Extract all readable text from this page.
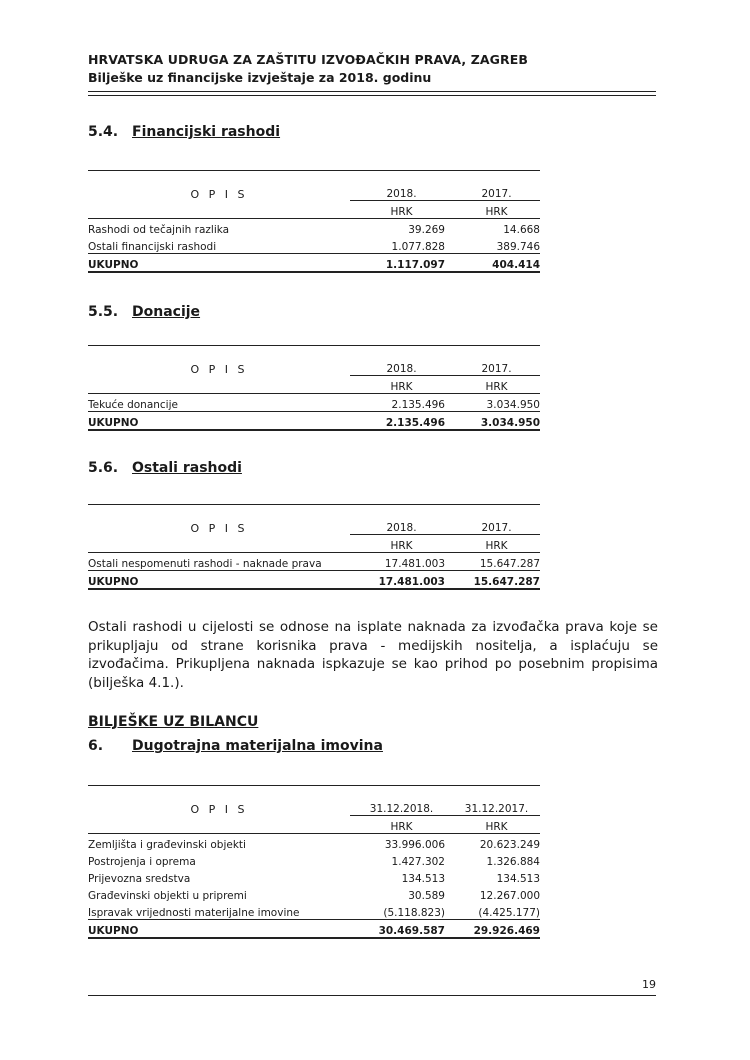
HRVATSKA UDRUGA ZA ZAŠTITU IZVOĐAČKIH PRAVA, ZAGREB
Bilješke uz financijske izvještaje za 2018. godinu
5.4. Financijski rashodi

O P I S	2018.	2017.
	HRK	HRK
Rashodi od tečajnih razlika	39.269	14.668
Ostali financijski rashodi	1.077.828	389.746
UKUPNO	1.117.097	404.414
5.5. Donacije

O P I S	2018.	2017.
	HRK	HRK
Tekuće donancije	2.135.496	3.034.950
UKUPNO	2.135.496	3.034.950
5.6. Ostali rashodi

O P I S	2018.	2017.
	HRK	HRK
Ostali nespomenuti rashodi - naknade prava	17.481.003	15.647.287
UKUPNO	17.481.003	15.647.287
Ostali rashodi u cijelosti se odnose na isplate naknada za izvođačka prava koje se prikupljaju od strane korisnika prava - medijskih nositelja, a isplaćuju se izvođačima. Prikupljena naknada ispkazuje se kao prihod po posebnim propisima (bilješka 4.1.).
BILJEŠKE UZ BILANCU
6. Dugotrajna materijalna imovina

O P I S	31.12.2018.	31.12.2017.
	HRK	HRK
Zemljišta i građevinski objekti	33.996.006	20.623.249
Postrojenja i oprema	1.427.302	1.326.884
Prijevozna sredstva	134.513	134.513
Građevinski objekti u pripremi	30.589	12.267.000
Ispravak vrijednosti materijalne imovine	(5.118.823)	(4.425.177)
UKUPNO	30.469.587	29.926.469
19
